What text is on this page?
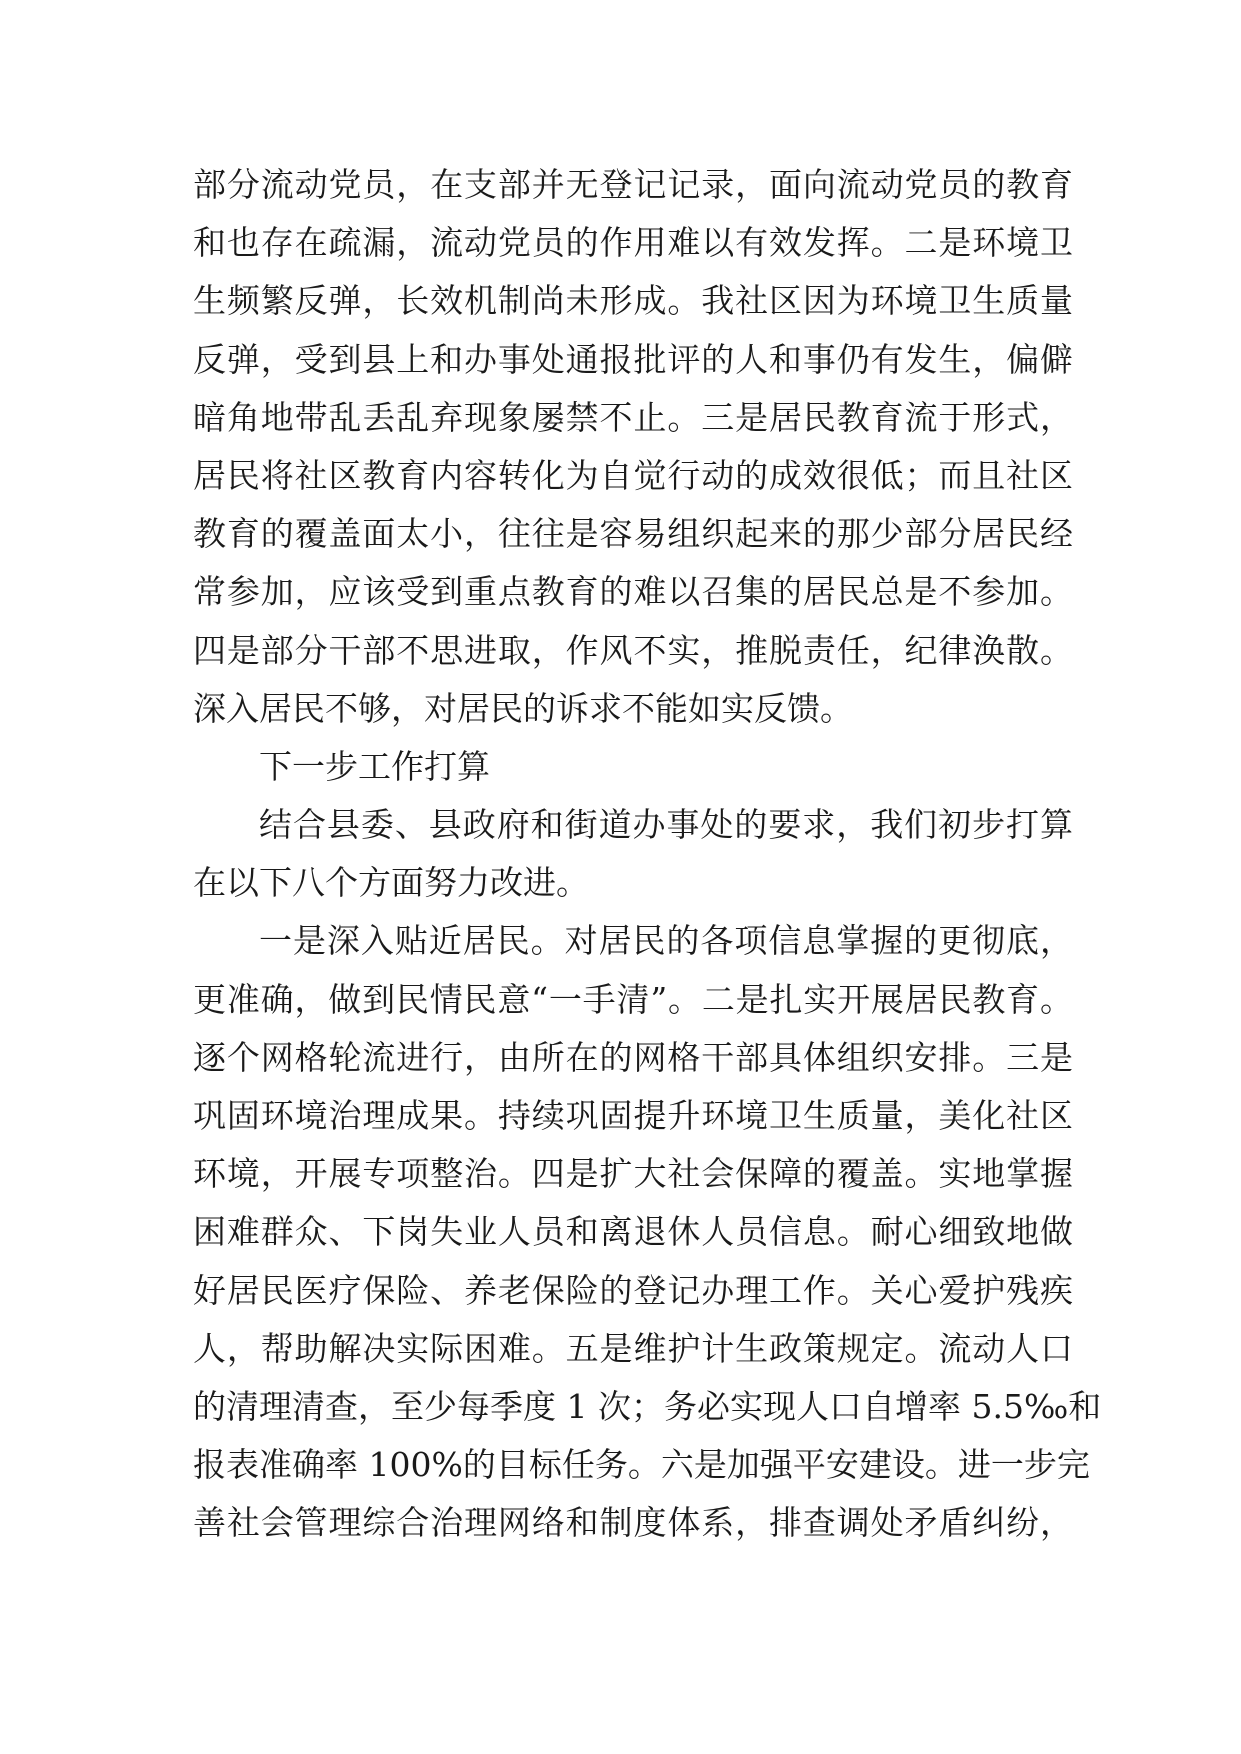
部分流动党员，在支部并无登记记录，面向流动党员的教育
和也存在疏漏，流动党员的作用难以有效发挥。二是环境卫
生频繁反弹，长效机制尚未形成。我社区因为环境卫生质量
反弹，受到县上和办事处通报批评的人和事仍有发生，偏僻
暗角地带乱丢乱弃现象屡禁不止。三是居民教育流于形式，
居民将社区教育内容转化为自觉行动的成效很低；而且社区
教育的覆盖面太小，往往是容易组织起来的那少部分居民经
常参加，应该受到重点教育的难以召集的居民总是不参加。
四是部分干部不思进取，作风不实，推脱责任，纪律涣散。
深入居民不够，对居民的诉求不能如实反馈。
下一步工作打算
结合县委、县政府和街道办事处的要求，我们初步打算
在以下八个方面努力改进。
一是深入贴近居民。对居民的各项信息掌握的更彻底，
更准确，做到民情民意“一手清”。二是扎实开展居民教育。
逐个网格轮流进行，由所在的网格干部具体组织安排。三是
巩固环境治理成果。持续巩固提升环境卫生质量，美化社区
环境，开展专项整治。四是扩大社会保障的覆盖。实地掌握
困难群众、下岗失业人员和离退休人员信息。耐心细致地做
好居民医疗保险、养老保险的登记办理工作。关心爱护残疾
人，帮助解决实际困难。五是维护计生政策规定。流动人口
的清理清查，至少每季度 1 次；务必实现人口自增率 5.5‰和
报表准确率 100%的目标任务。六是加强平安建设。进一步完
善社会管理综合治理网络和制度体系，排查调处矛盾纠纷，
